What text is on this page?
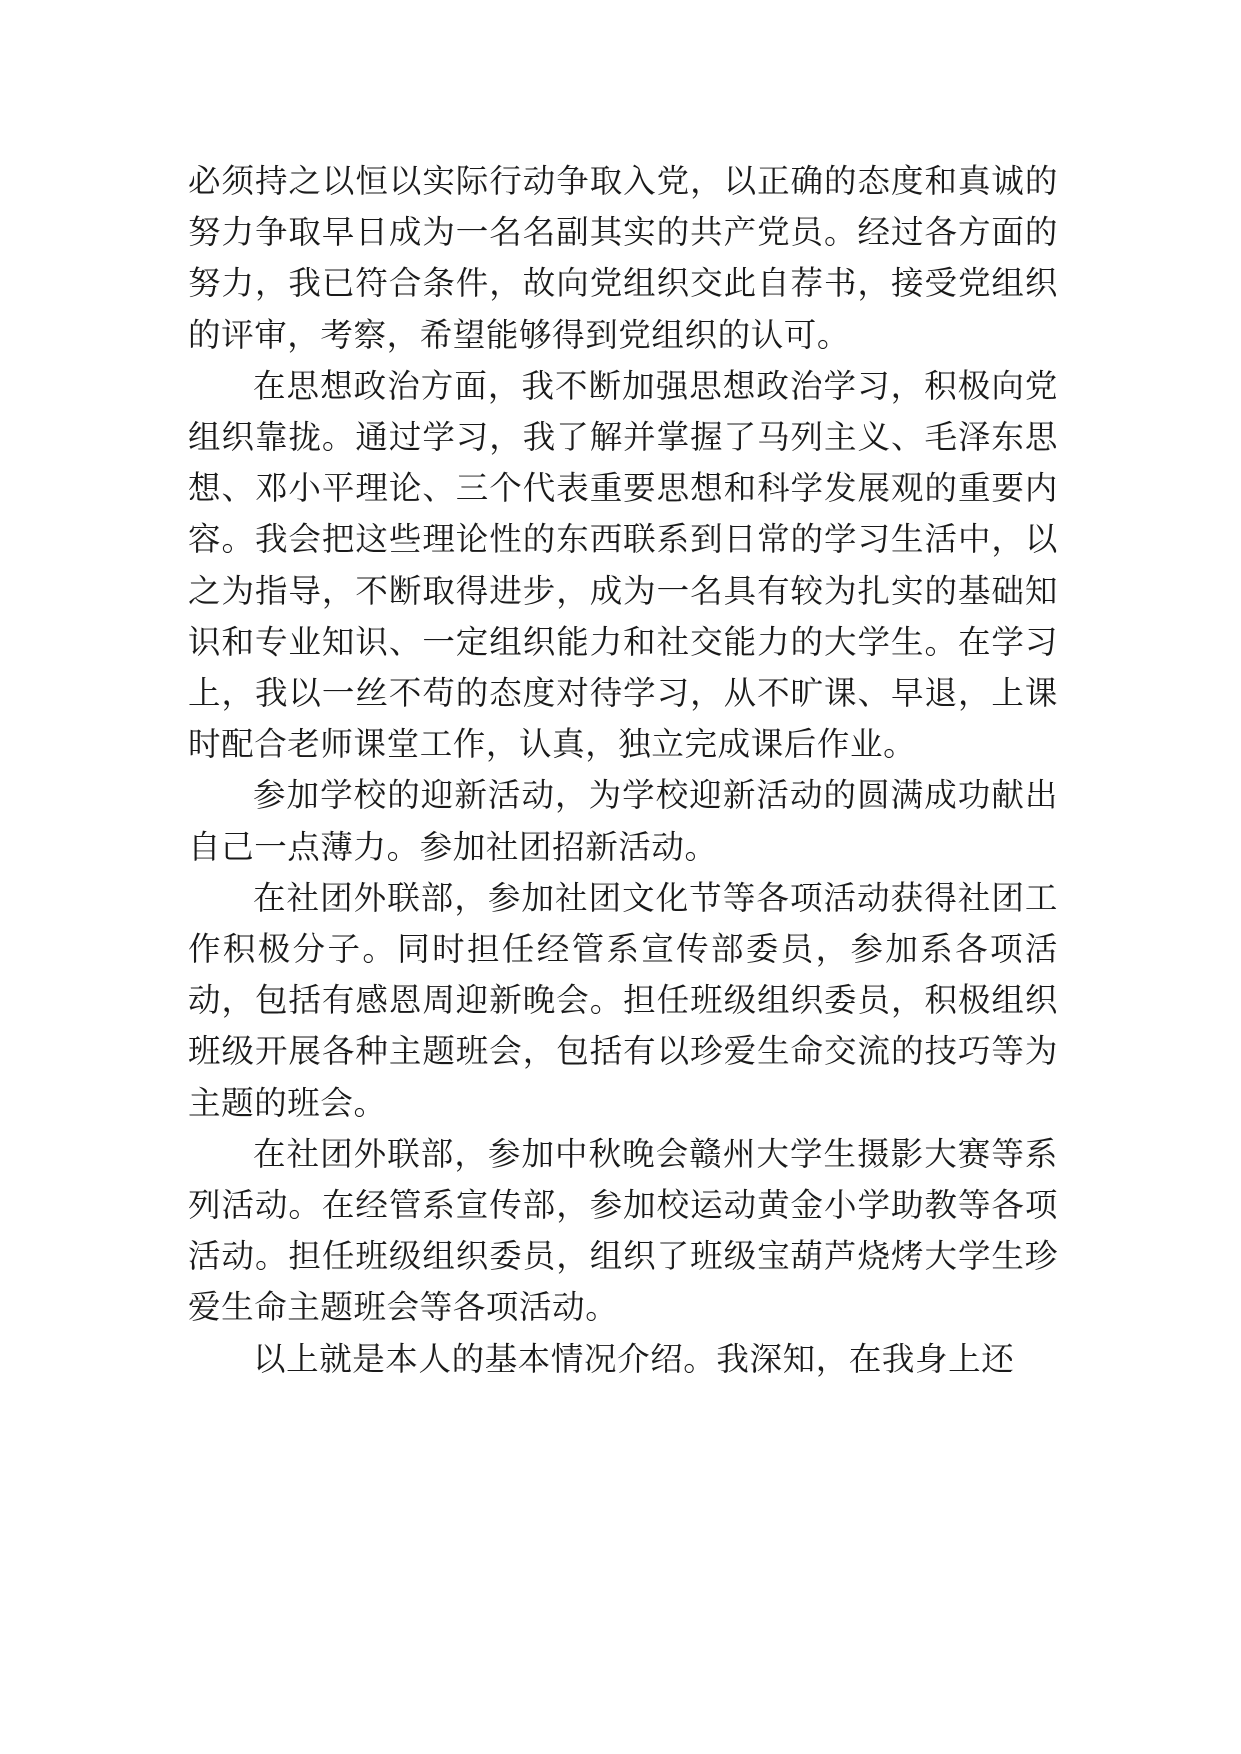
必须持之以恒以实际行动争取入党，以正确的态度和真诚的努力争取早日成为一名名副其实的共产党员。经过各方面的努力，我已符合条件，故向党组织交此自荐书，接受党组织的评审，考察，希望能够得到党组织的认可。

在思想政治方面，我不断加强思想政治学习，积极向党组织靠拢。通过学习，我了解并掌握了马列主义、毛泽东思想、邓小平理论、三个代表重要思想和科学发展观的重要内容。我会把这些理论性的东西联系到日常的学习生活中，以之为指导，不断取得进步，成为一名具有较为扎实的基础知识和专业知识、一定组织能力和社交能力的大学生。在学习上，我以一丝不苟的态度对待学习，从不旷课、早退，上课时配合老师课堂工作，认真，独立完成课后作业。

参加学校的迎新活动，为学校迎新活动的圆满成功献出自己一点薄力。参加社团招新活动。

在社团外联部，参加社团文化节等各项活动获得社团工作积极分子。同时担任经管系宣传部委员，参加系各项活动，包括有感恩周迎新晚会。担任班级组织委员，积极组织班级开展各种主题班会，包括有以珍爱生命交流的技巧等为主题的班会。

在社团外联部，参加中秋晚会赣州大学生摄影大赛等系列活动。在经管系宣传部，参加校运动黄金小学助教等各项活动。担任班级组织委员，组织了班级宝葫芦烧烤大学生珍爱生命主题班会等各项活动。

以上就是本人的基本情况介绍。我深知，在我身上还
